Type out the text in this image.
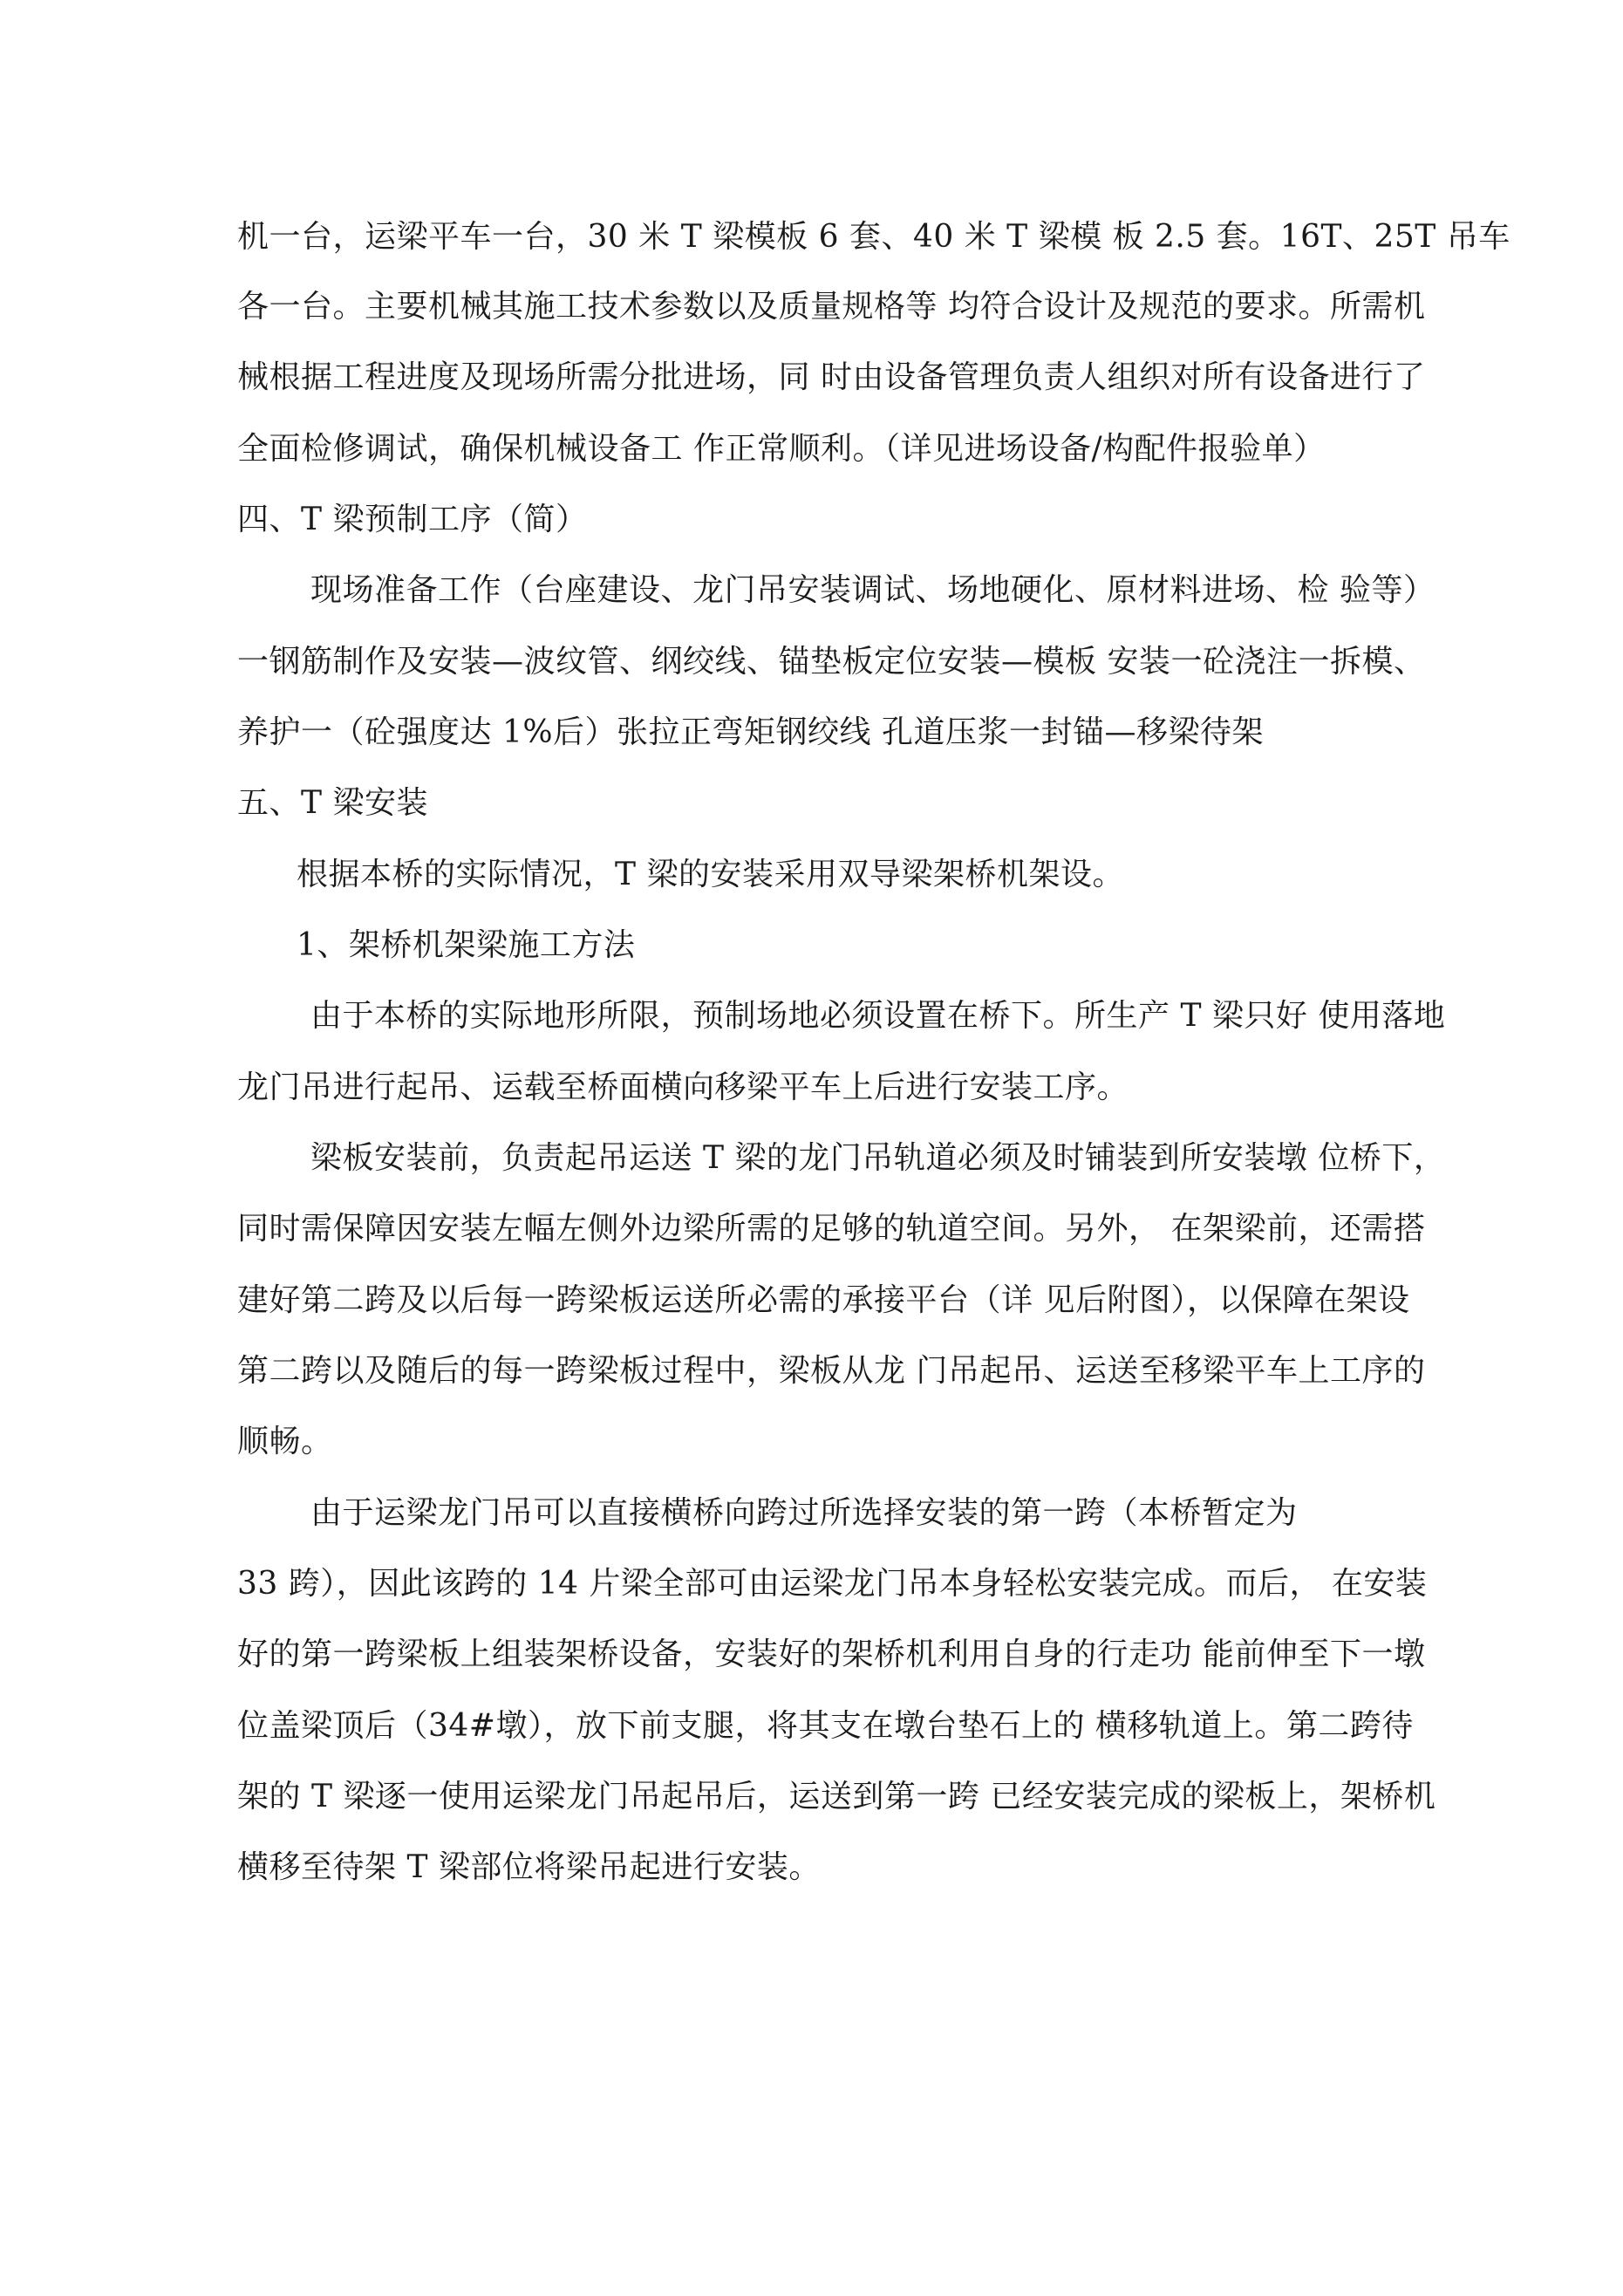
机一台，运梁平车一台，30 米 T 梁模板 6 套、40 米 T 梁模 板 2.5 套。16T、25T 吊车
各一台。主要机械其施工技术参数以及质量规格等 均符合设计及规范的要求。所需机
械根据工程进度及现场所需分批进场，同 时由设备管理负责人组织对所有设备进行了
全面检修调试，确保机械设备工 作正常顺利。（详见进场设备/构配件报验单）
四、T 梁预制工序（简）
现场准备工作（台座建设、龙门吊安装调试、场地硬化、原材料进场、检 验等）
一钢筋制作及安装—波纹管、纲绞线、锚垫板定位安装—模板 安装一砼浇注一拆模、
养护一（砼强度达 1%后）张拉正弯矩钢绞线 孔道压浆一封锚—移梁待架
五、T 梁安装
根据本桥的实际情况，T 梁的安装采用双导梁架桥机架设。
1、架桥机架梁施工方法
由于本桥的实际地形所限，预制场地必须设置在桥下。所生产 T 梁只好 使用落地
龙门吊进行起吊、运载至桥面横向移梁平车上后进行安装工序。
梁板安装前，负责起吊运送 T 梁的龙门吊轨道必须及时铺装到所安装墩 位桥下，
同时需保障因安装左幅左侧外边梁所需的足够的轨道空间。另外， 在架梁前，还需搭
建好第二跨及以后每一跨梁板运送所必需的承接平台（详 见后附图），以保障在架设
第二跨以及随后的每一跨梁板过程中，梁板从龙 门吊起吊、运送至移梁平车上工序的
顺畅。
由于运梁龙门吊可以直接横桥向跨过所选择安装的第一跨（本桥暂定为
33 跨），因此该跨的 14 片梁全部可由运梁龙门吊本身轻松安装完成。而后， 在安装
好的第一跨梁板上组装架桥设备，安装好的架桥机利用自身的行走功 能前伸至下一墩
位盖梁顶后（34#墩），放下前支腿，将其支在墩台垫石上的 横移轨道上。第二跨待
架的 T 梁逐一使用运梁龙门吊起吊后，运送到第一跨 已经安装完成的梁板上，架桥机
横移至待架 T 梁部位将梁吊起进行安装。
